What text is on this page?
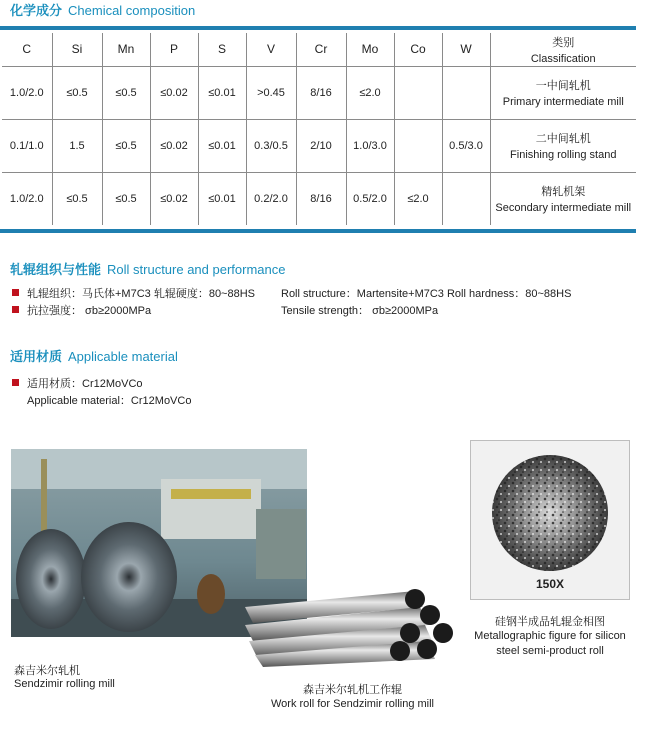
化学成分 Chemical composition
C	Si	Mn	P	S	V	Cr	Mo	Co	W	类别
Classification

1.0/2.0	≤0.5	≤0.5	≤0.02	≤0.01	>0.45	8/16	≤2.0			一中间轧机
Primary intermediate mill

0.1/1.0	1.5	≤0.5	≤0.02	≤0.01	0.3/0.5	2/10	1.0/3.0		0.5/3.0	二中间轧机
Finishing rolling stand

1.0/2.0	≤0.5	≤0.5	≤0.02	≤0.01	0.2/2.0	8/16	0.5/2.0	≤2.0		精轧机架
Secondary intermediate mill
轧辊组织与性能 Roll structure and performance
轧辊组织：马氏体+M7C3 轧辊硬度：80~88HS Roll structure：Martensite+M7C3 Roll hardness：80~88HS
抗拉强度： σb≥2000MPa	Tensile strength： σb≥2000MPa
适用材质 Applicable material
适用材质：Cr12MoVCo
Applicable material：Cr12MoVCo
森吉米尔轧机
Sendzimir rolling mill	森吉米尔轧机工作辊
Work roll for Sendzimir rolling mill
150X
硅钢半成品轧辊金相图
Metallographic figure for silicon
steel semi-product roll
